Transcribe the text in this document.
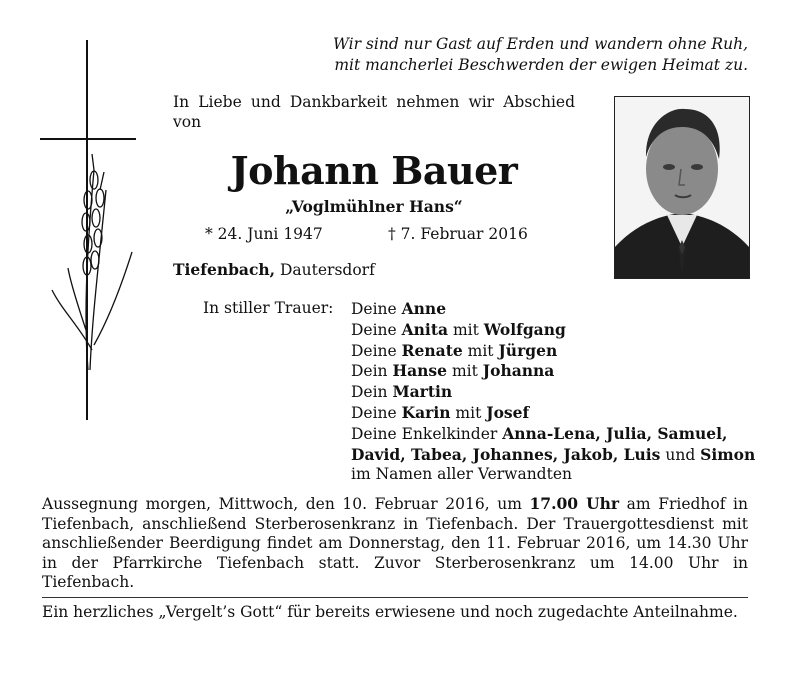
Wir sind nur Gast auf Erden und wandern ohne Ruh,
mit mancherlei Beschwerden der ewigen Heimat zu.
In Liebe und Dankbarkeit nehmen wir Abschied von
Johann Bauer
„Voglmühlner Hans“
* 24. Juni 1947	† 7. Februar 2016
Tiefenbach, Dautersdorf
In stiller Trauer: Deine Anne
Deine Anita mit Wolfgang
Deine Renate mit Jürgen
Dein Hanse mit Johanna
Dein Martin
Deine Karin mit Josef
Deine Enkelkinder Anna-Lena, Julia, Samuel,
David, Tabea, Johannes, Jakob, Luis und Simon
im Namen aller Verwandten
Aussegnung morgen, Mittwoch, den 10. Februar 2016, um 17.00 Uhr am Friedhof in Tiefenbach, anschließend Sterberosenkranz in Tiefenbach. Der Trauergottesdienst mit anschließender Beerdigung findet am Donnerstag, den 11. Februar 2016, um 14.30 Uhr in der Pfarrkirche Tiefenbach statt. Zuvor Sterberosenkranz um 14.00 Uhr in Tiefenbach.
Ein herzliches „Vergelt’s Gott“ für bereits erwiesene und noch zugedachte Anteilnahme.
